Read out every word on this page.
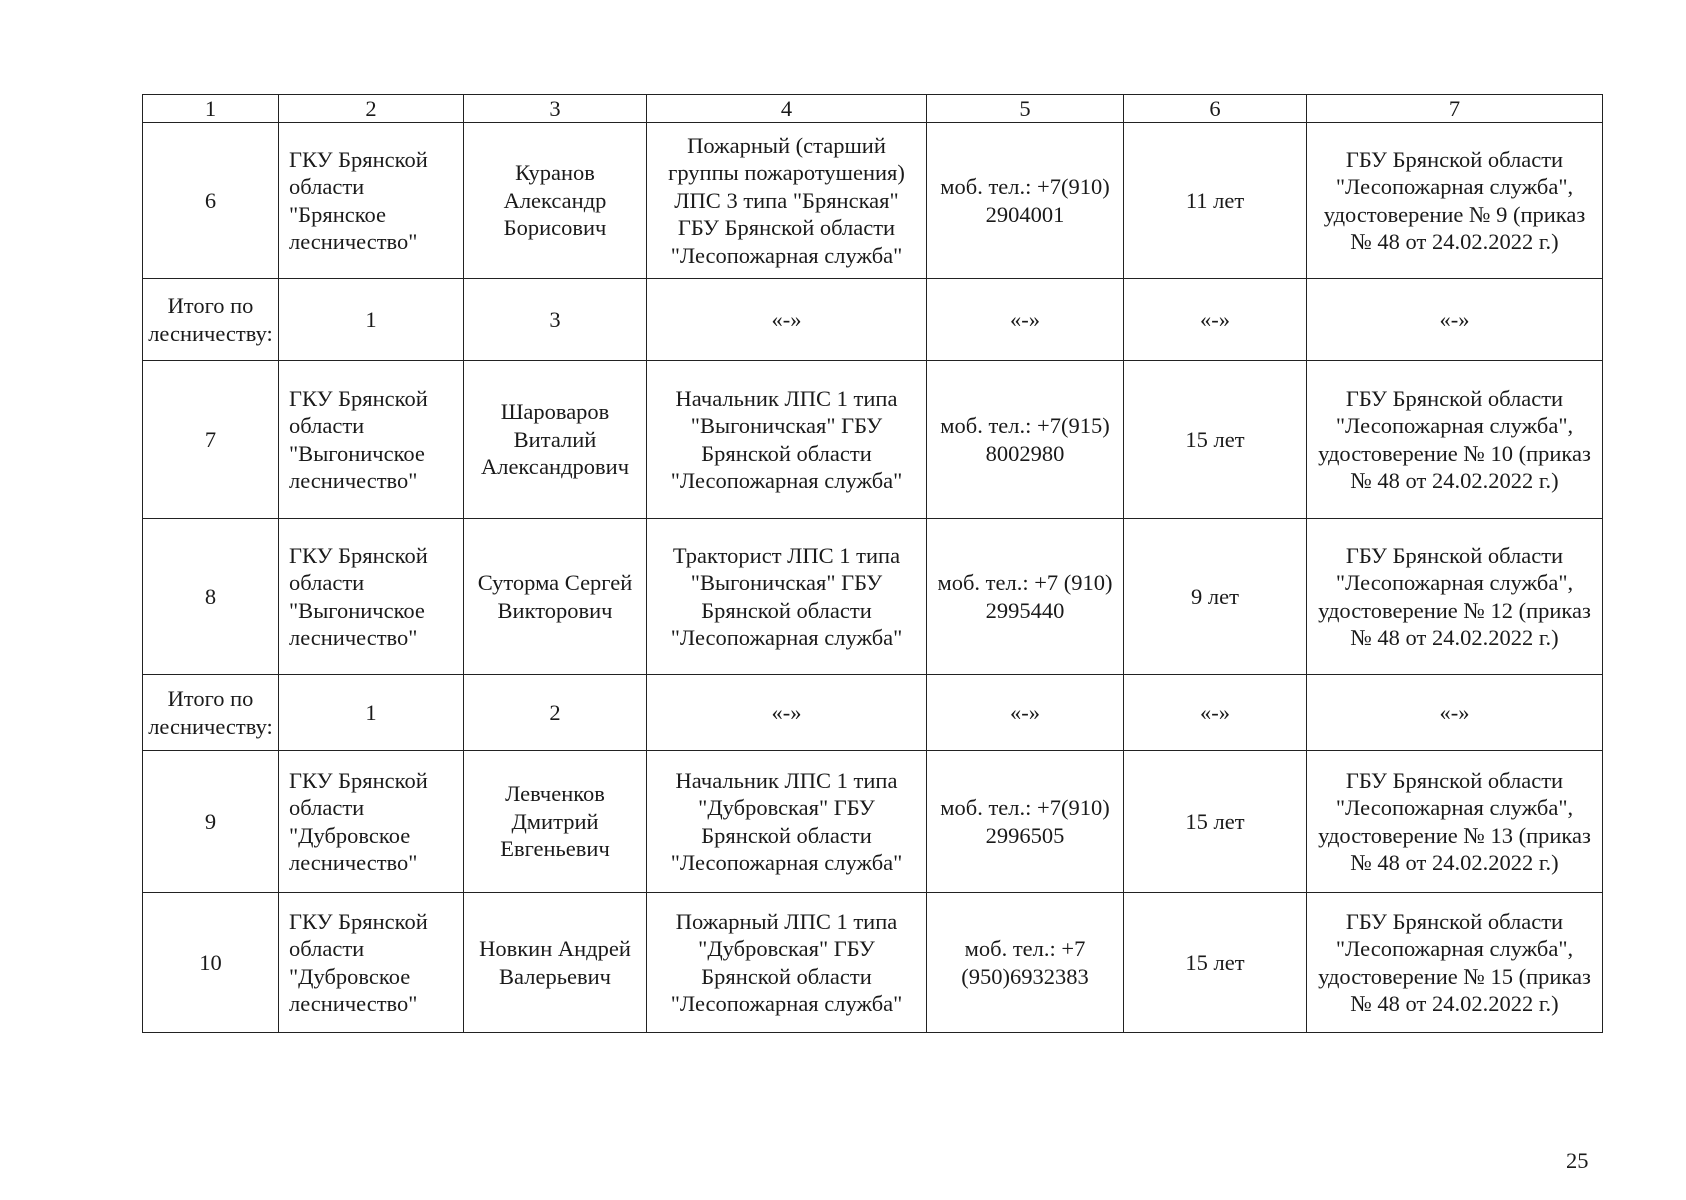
1	2	3	4	5	6	7
6	ГКУ Брянской области "Брянское лесничество"	Куранов Александр Борисович	Пожарный (старший группы пожаротушения) ЛПС 3 типа "Брянская" ГБУ Брянской области "Лесопожарная служба"	моб. тел.: +7(910) 2904001	11 лет	ГБУ Брянской области "Лесопожарная служба", удостоверение № 9 (приказ № 48 от 24.02.2022 г.)
Итого по лесничеству:	1	3	«-»	«-»	«-»	«-»
7	ГКУ Брянской области "Выгоничское лесничество"	Шароваров Виталий Александрович	Начальник ЛПС 1 типа "Выгоничская" ГБУ Брянской области "Лесопожарная служба"	моб. тел.: +7(915) 8002980	15 лет	ГБУ Брянской области "Лесопожарная служба", удостоверение № 10 (приказ № 48 от 24.02.2022 г.)
8	ГКУ Брянской области "Выгоничское лесничество"	Суторма Сергей Викторович	Тракторист ЛПС 1 типа "Выгоничская" ГБУ Брянской области "Лесопожарная служба"	моб. тел.: +7 (910) 2995440	9 лет	ГБУ Брянской области "Лесопожарная служба", удостоверение № 12 (приказ № 48 от 24.02.2022 г.)
Итого по лесничеству:	1	2	«-»	«-»	«-»	«-»
9	ГКУ Брянской области "Дубровское лесничество"	Левченков Дмитрий Евгеньевич	Начальник ЛПС 1 типа "Дубровская" ГБУ Брянской области "Лесопожарная служба"	моб. тел.: +7(910) 2996505	15 лет	ГБУ Брянской области "Лесопожарная служба", удостоверение № 13 (приказ № 48 от 24.02.2022 г.)
10	ГКУ Брянской области "Дубровское лесничество"	Новкин Андрей Валерьевич	Пожарный ЛПС 1 типа "Дубровская" ГБУ Брянской области "Лесопожарная служба"	моб. тел.: +7 (950)6932383	15 лет	ГБУ Брянской области "Лесопожарная служба", удостоверение № 15 (приказ № 48 от 24.02.2022 г.)
25
